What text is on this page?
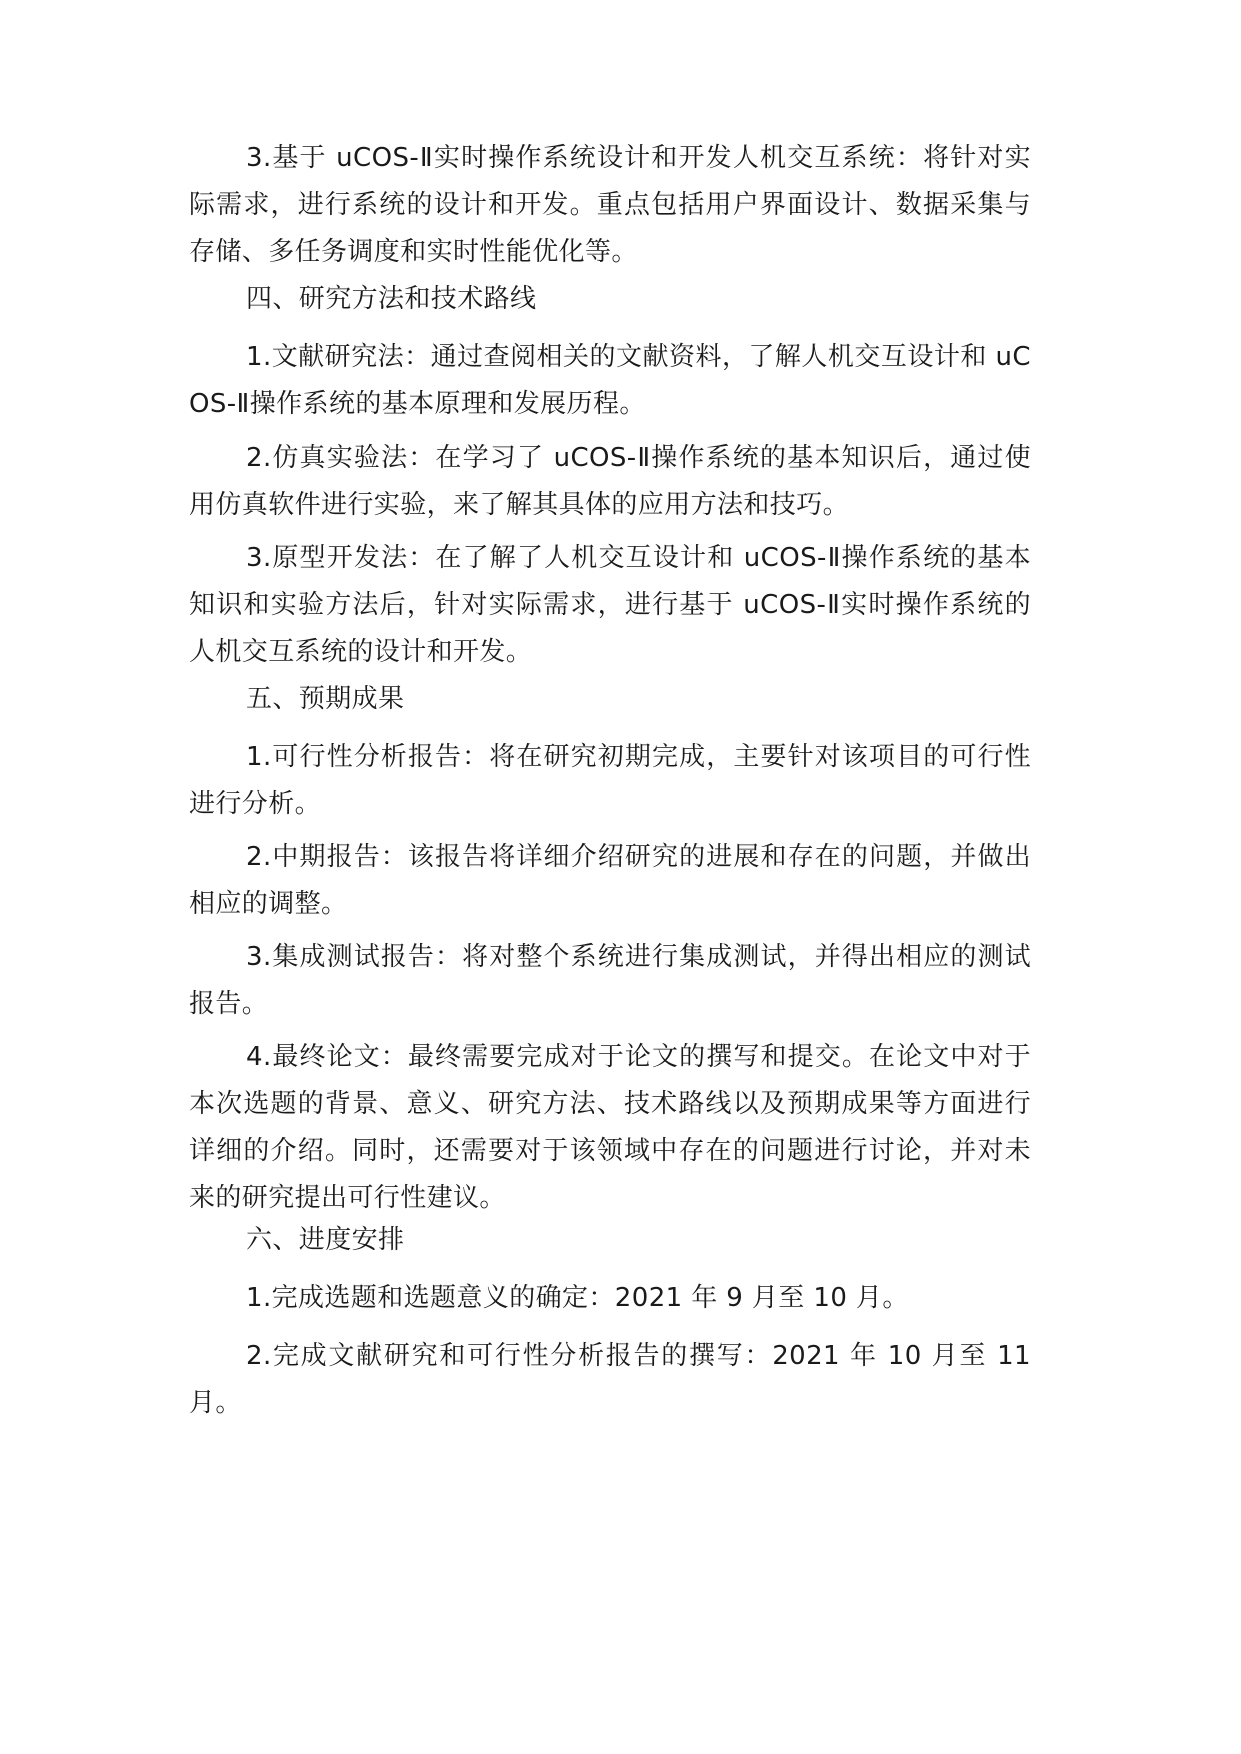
3.基于 uCOS-Ⅱ实时操作系统设计和开发人机交互系统：将针对实际需求，进行系统的设计和开发。重点包括用户界面设计、数据采集与存储、多任务调度和实时性能优化等。

四、研究方法和技术路线

1.文献研究法：通过查阅相关的文献资料，了解人机交互设计和 uCOS-Ⅱ操作系统的基本原理和发展历程。

2.仿真实验法：在学习了 uCOS-Ⅱ操作系统的基本知识后，通过使用仿真软件进行实验，来了解其具体的应用方法和技巧。

3.原型开发法：在了解了人机交互设计和 uCOS-Ⅱ操作系统的基本知识和实验方法后，针对实际需求，进行基于 uCOS-Ⅱ实时操作系统的人机交互系统的设计和开发。

五、预期成果

1.可行性分析报告：将在研究初期完成，主要针对该项目的可行性进行分析。

2.中期报告：该报告将详细介绍研究的进展和存在的问题，并做出相应的调整。

3.集成测试报告：将对整个系统进行集成测试，并得出相应的测试报告。

4.最终论文：最终需要完成对于论文的撰写和提交。在论文中对于本次选题的背景、意义、研究方法、技术路线以及预期成果等方面进行详细的介绍。同时，还需要对于该领域中存在的问题进行讨论，并对未来的研究提出可行性建议。

六、进度安排

1.完成选题和选题意义的确定：2021 年 9 月至 10 月。

2.完成文献研究和可行性分析报告的撰写：2021 年 10 月至 11 月。
